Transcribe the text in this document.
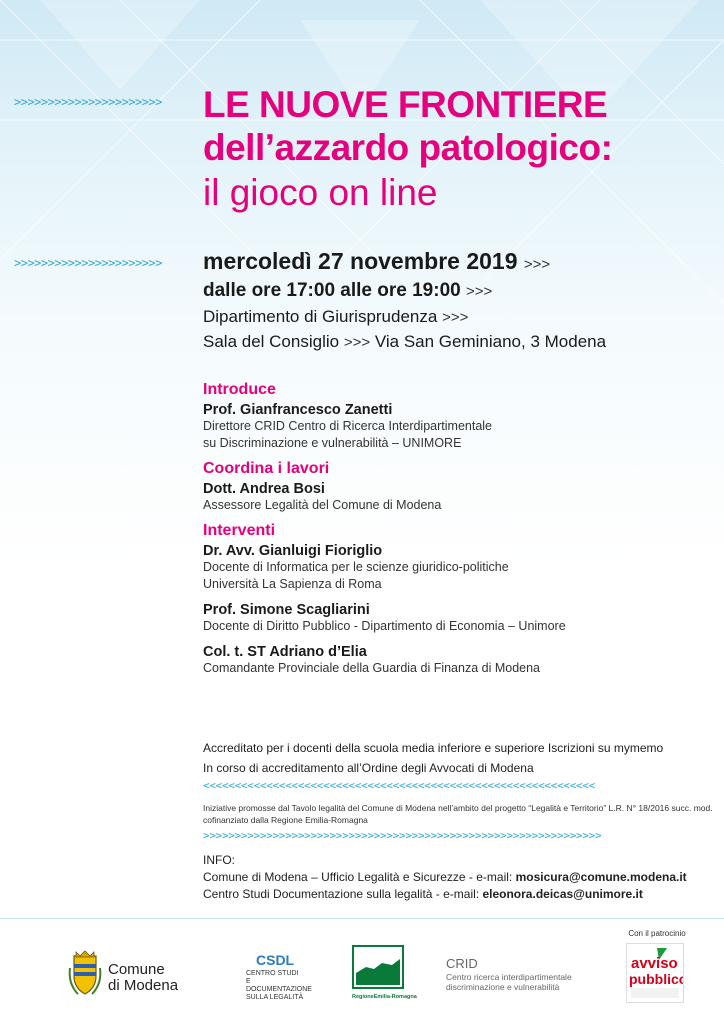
>>>>>>>>>>>>>>>>>>>>>>
>>>>>>>>>>>>>>>>>>>>>>
LE NUOVE FRONTIERE
dell’azzardo patologico:
il gioco on line
mercoledì 27 novembre 2019 >>>
dalle ore 17:00 alle ore 19:00 >>>
Dipartimento di Giurisprudenza >>>
Sala del Consiglio >>> Via San Geminiano, 3 Modena
Introduce
Prof. Gianfrancesco Zanetti
Direttore CRID Centro di Ricerca Interdipartimentale
su Discriminazione e vulnerabilità – UNIMORE
Coordina i lavori
Dott. Andrea Bosi
Assessore Legalità del Comune di Modena
Interventi
Dr. Avv. Gianluigi Fioriglio
Docente di Informatica per le scienze giuridico-politiche
Università La Sapienza di Roma
Prof. Simone Scagliarini
Docente di Diritto Pubblico - Dipartimento di Economia – Unimore
Col. t. ST Adriano d’Elia
Comandante Provinciale della Guardia di Finanza di Modena
Accreditato per i docenti della scuola media inferiore e superiore Iscrizioni su mymemo
In corso di accreditamento all’Ordine degli Avvocati di Modena
<<<<<<<<<<<<<<<<<<<<<<<<<<<<<<<<<<<<<<<<<<<<<<<<<<<<<<<<<<<<<<
Iniziative promosse dal Tavolo legalità del Comune di Modena nell’ambito del progetto “Legalità e Territorio” L.R. N° 18/2016 succ. mod.
cofinanziato dalla Regione Emilia-Romagna
>>>>>>>>>>>>>>>>>>>>>>>>>>>>>>>>>>>>>>>>>>>>>>>>>>>>>>>>>>>>>>>
INFO:
Comune di Modena – Ufficio Legalità e Sicurezze - e-mail: mosicura@comune.modena.it
Centro Studi Documentazione sulla legalità - e-mail: eleonora.deicas@unimore.it
Comune
di Modena
CSDL
CENTRO STUDI
E DOCUMENTAZIONE
SULLA LEGALITÀ	RegioneEmilia-Romagna
CRID
Centro ricerca interdipartimentale
discriminazione e vulnerabilità
Con il patrocinio
avviso
pubblico
